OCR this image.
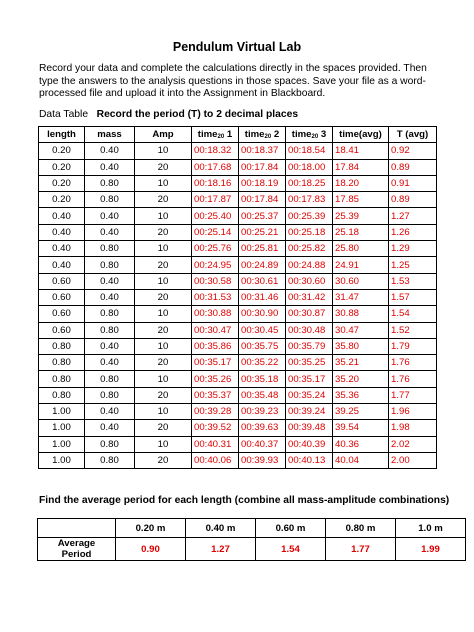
Pendulum Virtual Lab
Record your data and complete the calculations directly in the spaces provided. Then type the answers to the analysis questions in those spaces. Save your file as a word-processed file and upload it into the Assignment in Blackboard.
Data Table Record the period (T) to 2 decimal places
length	mass	Amp	time$_{20}$ 1	time$_{20}$ 2	time$_{20}$ 3	time(avg)	T (avg)
0.20	0.40	10	00:18.32	00:18.37	00:18.54	18.41	0.92
0.20	0.40	20	00:17.68	00:17.84	00:18.00	17.84	0.89
0.20	0.80	10	00:18.16	00:18.19	00:18.25	18.20	0.91
0.20	0.80	20	00:17.87	00:17.84	00:17.83	17.85	0.89
0.40	0.40	10	00:25.40	00:25.37	00:25.39	25.39	1.27
0.40	0.40	20	00:25.14	00:25.21	00:25.18	25.18	1.26
0.40	0.80	10	00:25.76	00:25.81	00:25.82	25.80	1.29
0.40	0.80	20	00:24.95	00:24.89	00:24.88	24.91	1.25
0.60	0.40	10	00:30.58	00:30.61	00:30.60	30.60	1.53
0.60	0.40	20	00:31.53	00:31.46	00:31.42	31.47	1.57
0.60	0.80	10	00:30.88	00:30.90	00:30.87	30.88	1.54
0.60	0.80	20	00:30.47	00:30.45	00:30.48	30.47	1.52
0.80	0.40	10	00:35.86	00:35.75	00:35.79	35.80	1.79
0.80	0.40	20	00:35.17	00:35.22	00:35.25	35.21	1.76
0.80	0.80	10	00:35.26	00:35.18	00:35.17	35.20	1.76
0.80	0.80	20	00:35.37	00:35.48	00:35.24	35.36	1.77
1.00	0.40	10	00:39.28	00:39.23	00:39.24	39.25	1.96
1.00	0.40	20	00:39.52	00:39.63	00:39.48	39.54	1.98
1.00	0.80	10	00:40.31	00:40.37	00:40.39	40.36	2.02
1.00	0.80	20	00:40.06	00:39.93	00:40.13	40.04	2.00
Find the average period for each length (combine all mass-amplitude combinations)
	0.20 m	0.40 m	0.60 m	0.80 m	1.0 m
Average Period	0.90	1.27	1.54	1.77	1.99
